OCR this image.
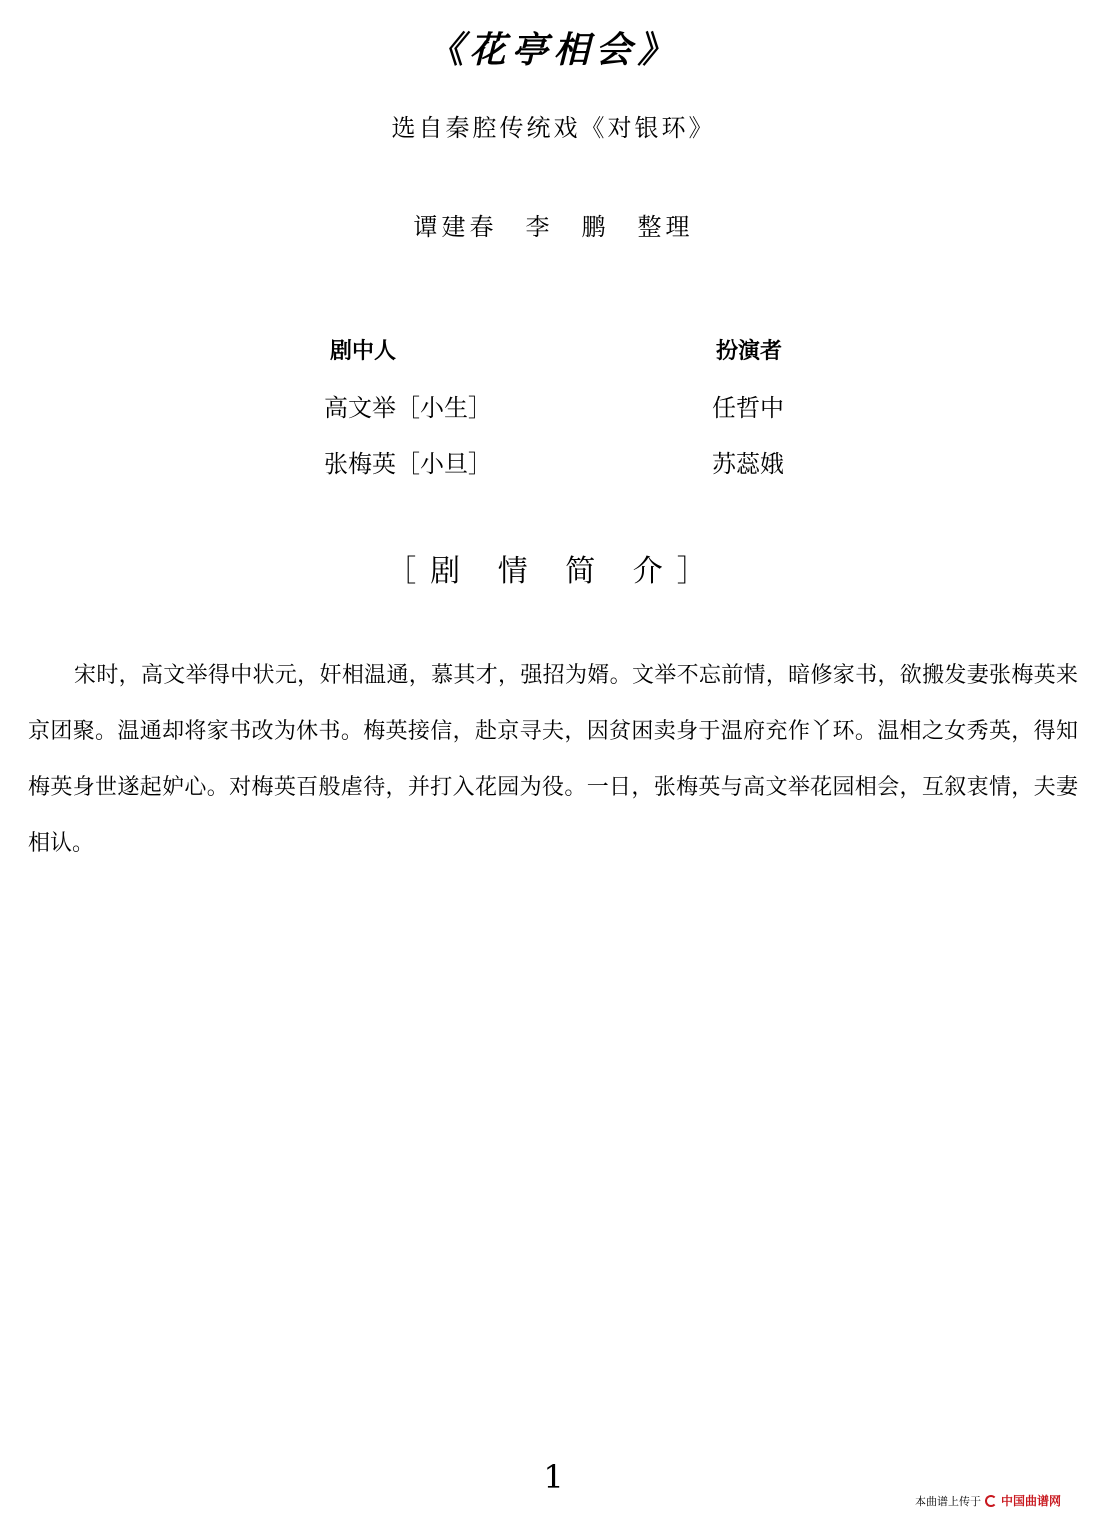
《花亭相会》
选自秦腔传统戏《对银环》
谭建春　李　鹏　整理
剧中人	扮演者
高文举［小生］	任哲中
张梅英［小旦］	苏蕊娥
［剧 情 简 介］
宋时，高文举得中状元，奸相温通，慕其才，强招为婿。文举不忘前情，暗修家书，欲搬发妻张梅英来京团聚。温通却将家书改为休书。梅英接信，赴京寻夫，因贫困卖身于温府充作丫环。温相之女秀英，得知梅英身世遂起妒心。对梅英百般虐待，并打入花园为役。一日，张梅英与高文举花园相会，互叙衷情，夫妻相认。
1
本曲谱上传于 中国曲谱网
